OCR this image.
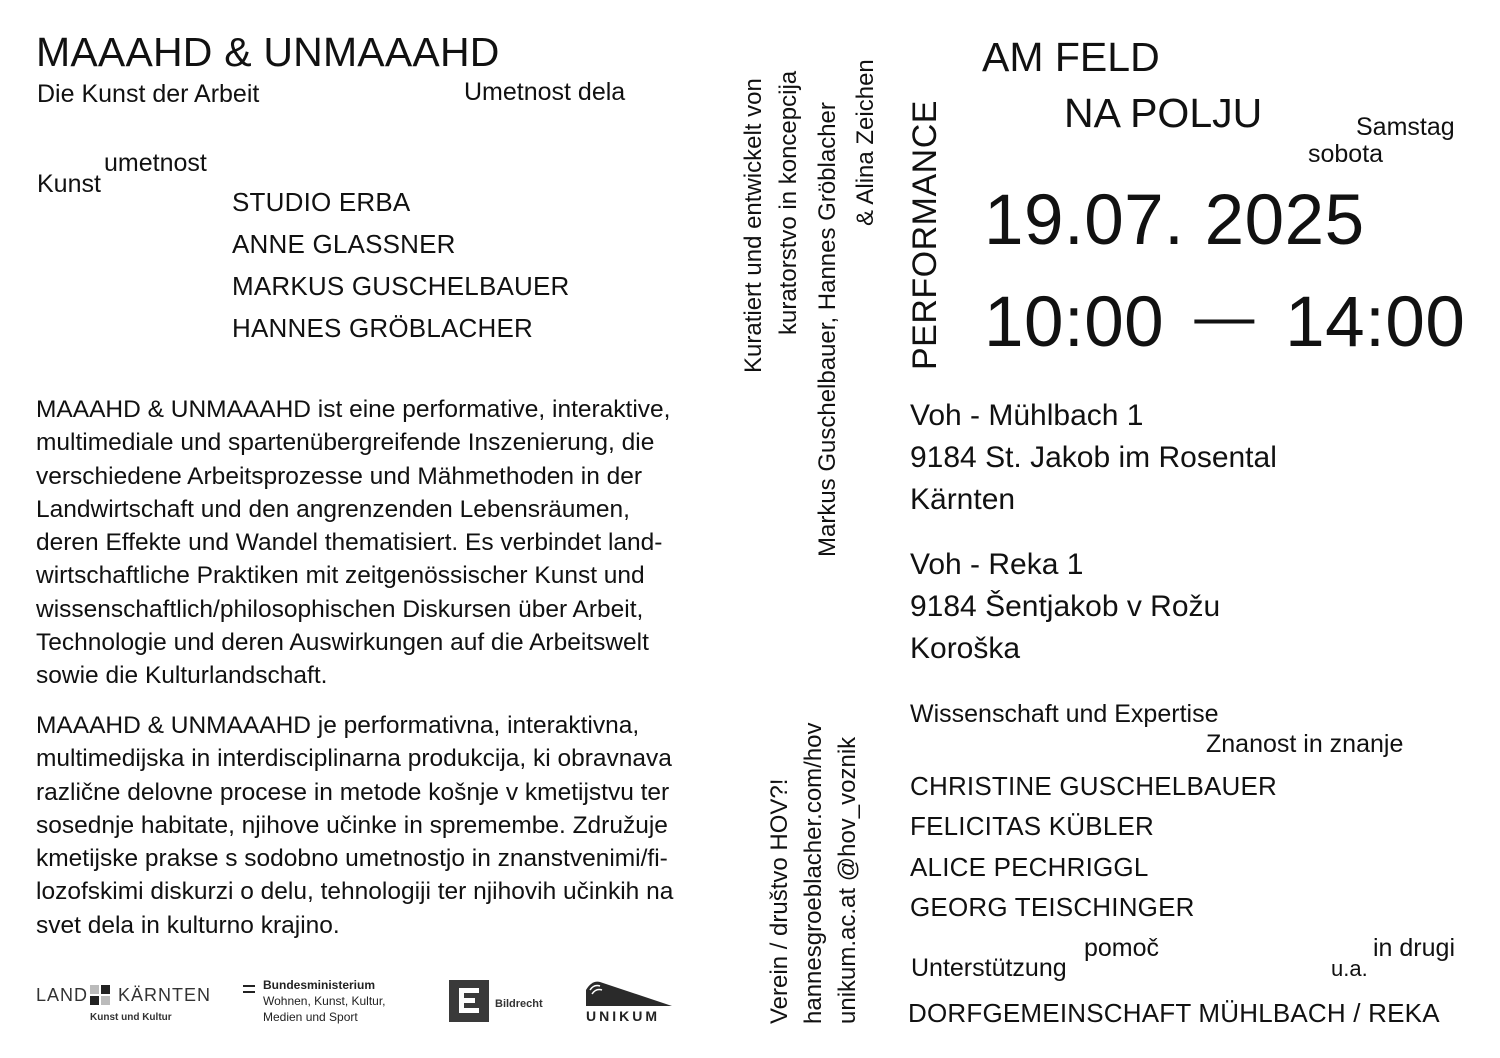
MAAAHD & UNMAAAHD
Die Kunst der Arbeit	Umetnost dela
Kunst
umetnost
STUDIO ERBA
ANNE GLASSNER
MARKUS GUSCHELBAUER
HANNES GRÖBLACHER

MAAAHD & UNMAAAHD ist eine performative, interaktive,

multimediale und spartenübergreifende Inszenierung, die

verschiedene Arbeitsprozesse und Mähmethoden in der

Landwirtschaft und den angrenzenden Lebensräumen,

deren Effekte und Wandel thematisiert. Es verbindet land-

wirtschaftliche Praktiken mit zeitgenössischer Kunst und

wissenschaftlich/philosophischen Diskursen über Arbeit,

Technologie und deren Auswirkungen auf die Arbeitswelt

sowie die Kulturlandschaft.

MAAAHD & UNMAAAHD je performativna, interaktivna,

multimedijska in interdisciplinarna produkcija, ki obravnava

različne delovne procese in metode košnje v kmetijstvu ter

sosednje habitate, njihove učinke in spremembe. Združuje

kmetijske prakse s sodobno umetnostjo in znanstvenimi/fi-

lozofskimi diskurzi o delu, tehnologiji ter njihovih učinkih na

svet dela in kulturno krajino.

Kuratiert und entwickelt von kuratorstvo in koncepcija Markus Guschelbauer, Hannes Gröblacher & Alina Zeichen PERFORMANCE
Verein / društvo HOV?! hannesgroeblacher.com/hov unikum.ac.at @hov_voznik
AM FELD
NA POLJU	Samstag
sobota
19.07. 2025
10:00 — 14:00
Voh - Mühlbach 1
9184 St. Jakob im Rosental
Kärnten
Voh - Reka 1
9184 Šentjakob v Rožu
Koroška
Wissenschaft und Expertise
Znanost in znanje
CHRISTINE GUSCHELBAUER
FELICITAS KÜBLER
ALICE PECHRIGGL
GEORG TEISCHINGER
Unterstützung
pomoč
u.a.
in drugi
DORFGEMEINSCHAFT MÜHLBACH / REKA
LAND KÄRNTEN
Kunst und Kultur
Bundesministerium
Wohnen, Kunst, Kultur,
Medien und Sport
Bildrecht
UNIKUM
